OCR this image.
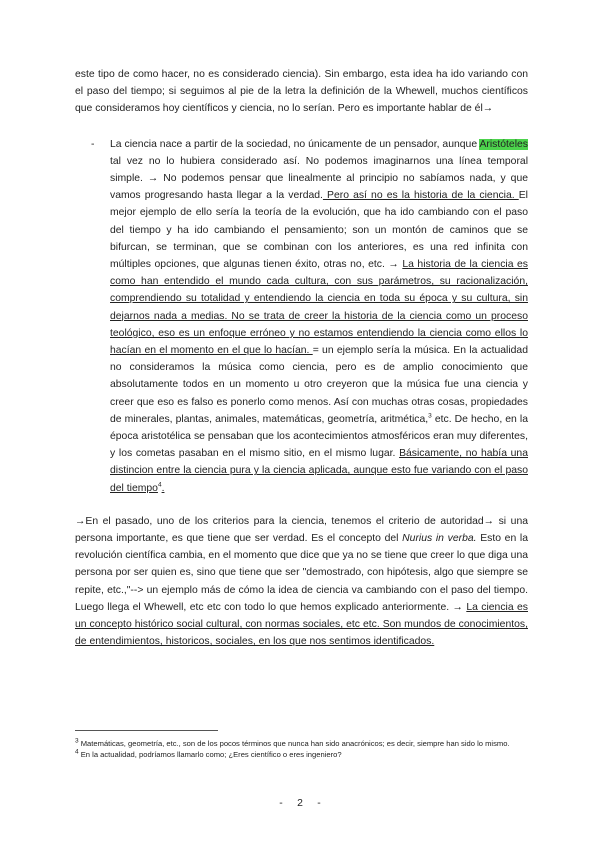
este tipo de como hacer, no es considerado ciencia). Sin embargo, esta idea ha ido variando con el paso del tiempo; si seguimos al pie de la letra la definición de la Whewell, muchos científicos que consideramos hoy científicos y ciencia, no lo serían. Pero es importante hablar de él→

- La ciencia nace a partir de la sociedad, no únicamente de un pensador, aunque Aristóteles tal vez no lo hubiera considerado así. No podemos imaginarnos una línea temporal simple. → No podemos pensar que linealmente al principio no sabíamos nada, y que vamos progresando hasta llegar a la verdad. Pero así no es la historia de la ciencia. El mejor ejemplo de ello sería la teoría de la evolución, que ha ido cambiando con el paso del tiempo y ha ido cambiando el pensamiento; son un montón de caminos que se bifurcan, se terminan, que se combinan con los anteriores, es una red infinita con múltiples opciones, que algunas tienen éxito, otras no, etc. → La historia de la ciencia es como han entendido el mundo cada cultura, con sus parámetros, su racionalización, comprendiendo su totalidad y entendiendo la ciencia en toda su época y su cultura, sin dejarnos nada a medias. No se trata de creer la historia de la ciencia como un proceso teológico, eso es un enfoque erróneo y no estamos entendiendo la ciencia como ellos lo hacían en el momento en el que lo hacían. = un ejemplo sería la música. En la actualidad no consideramos la música como ciencia, pero es de amplio conocimiento que absolutamente todos en un momento u otro creyeron que la música fue una ciencia y creer que eso es falso es ponerlo como menos. Así con muchas otras cosas, propiedades de minerales, plantas, animales, matemáticas, geometría, aritmética,$^3$ etc. De hecho, en la época aristotélica se pensaban que los acontecimientos atmosféricos eran muy diferentes, y los cometas pasaban en el mismo sitio, en el mismo lugar. Básicamente, no había una distincion entre la ciencia pura y la ciencia aplicada, aunque esto fue variando con el paso del tiempo$^4$.

→En el pasado, uno de los criterios para la ciencia, tenemos el criterio de autoridad→ si una persona importante, es que tiene que ser verdad. Es el concepto del Nurius in verba. Esto en la revolución científica cambia, en el momento que dice que ya no se tiene que creer lo que diga una persona por ser quien es, sino que tiene que ser "demostrado, con hipótesis, algo que siempre se repite, etc.,"--> un ejemplo más de cómo la idea de ciencia va cambiando con el paso del tiempo. Luego llega el Whewell, etc etc con todo lo que hemos explicado anteriormente. → La ciencia es un concepto histórico social cultural, con normas sociales, etc etc. Son mundos de conocimientos, de entendimientos, historicos, sociales, en los que nos sentimos identificados.

$^3$ Matemáticas, geometría, etc., son de los pocos términos que nunca han sido anacrónicos; es decir, siempre han sido lo mismo.

$^4$ En la actualidad, podríamos llamarlo como; ¿Eres científico o eres ingeniero?

-     2     -
